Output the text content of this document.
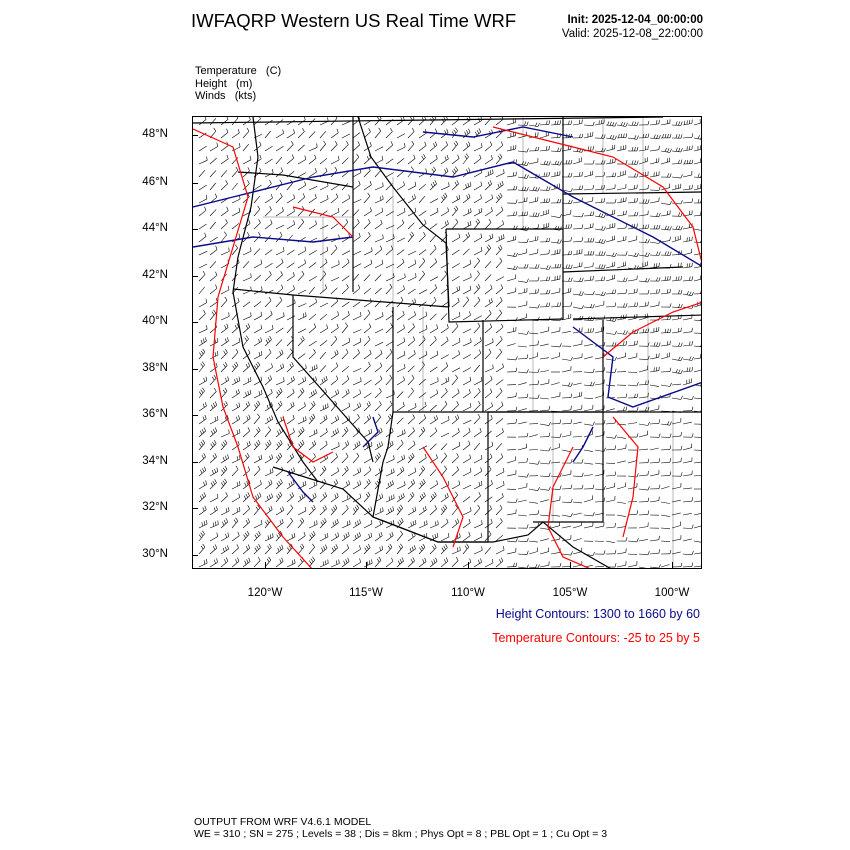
IWFAQRP Western US Real Time WRF	Init: 2025-12-04_00:00:00
Valid: 2025-12-08_22:00:00
Temperature   (C)
Height   (m)
Winds   (kts)
48°N
46°N
44°N
42°N
40°N
38°N
36°N
34°N
32°N
30°N
120°W	115°W	110°W	105°W	100°W
Height Contours: 1300 to 1660 by 60
Temperature Contours: -25 to 25 by 5
OUTPUT FROM WRF V4.6.1 MODEL
WE = 310 ; SN = 275 ; Levels = 38 ; Dis = 8km ; Phys Opt = 8 ; PBL Opt = 1 ; Cu Opt = 3
